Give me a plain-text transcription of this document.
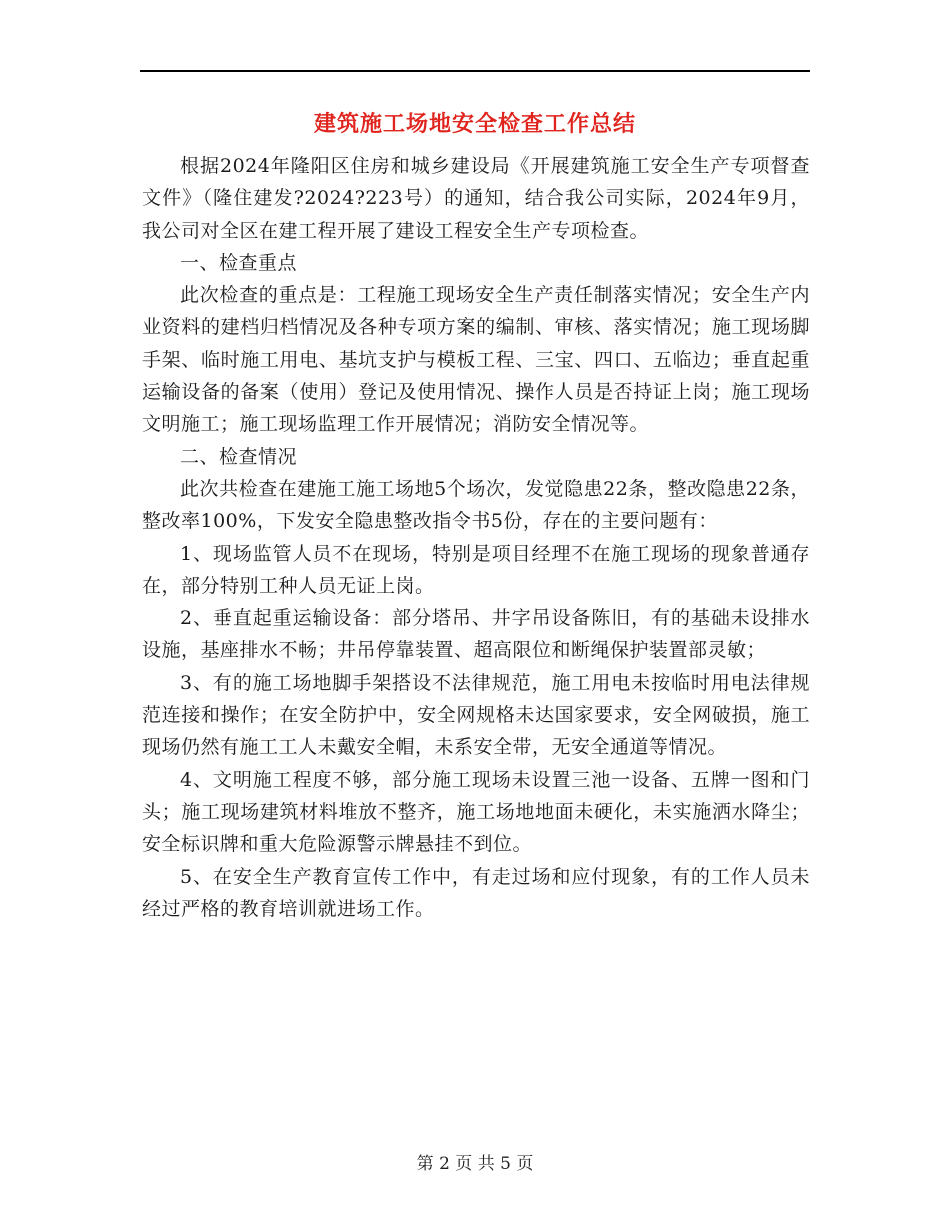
建筑施工场地安全检查工作总结

根据2024年隆阳区住房和城乡建设局《开展建筑施工安全生产专项督查文件》（隆住建发?2024?223号）的通知，结合我公司实际，2024年9月，我公司对全区在建工程开展了建设工程安全生产专项检查。

一、检查重点

此次检查的重点是：工程施工现场安全生产责任制落实情况；安全生产内业资料的建档归档情况及各种专项方案的编制、审核、落实情况；施工现场脚手架、临时施工用电、基坑支护与模板工程、三宝、四口、五临边；垂直起重运输设备的备案（使用）登记及使用情况、操作人员是否持证上岗；施工现场文明施工；施工现场监理工作开展情况；消防安全情况等。

二、检查情况

此次共检查在建施工施工场地5个场次，发觉隐患22条，整改隐患22条，整改率100%，下发安全隐患整改指令书5份，存在的主要问题有：

1、现场监管人员不在现场，特别是项目经理不在施工现场的现象普通存在，部分特别工种人员无证上岗。

2、垂直起重运输设备：部分塔吊、井字吊设备陈旧，有的基础未设排水设施，基座排水不畅；井吊停靠装置、超高限位和断绳保护装置部灵敏；

3、有的施工场地脚手架搭设不法律规范，施工用电未按临时用电法律规范连接和操作；在安全防护中，安全网规格未达国家要求，安全网破损，施工现场仍然有施工工人未戴安全帽，未系安全带，无安全通道等情况。

4、文明施工程度不够，部分施工现场未设置三池一设备、五牌一图和门头；施工现场建筑材料堆放不整齐，施工场地地面未硬化，未实施洒水降尘；安全标识牌和重大危险源警示牌悬挂不到位。

5、在安全生产教育宣传工作中，有走过场和应付现象，有的工作人员未经过严格的教育培训就进场工作。

第 2 页 共 5 页
